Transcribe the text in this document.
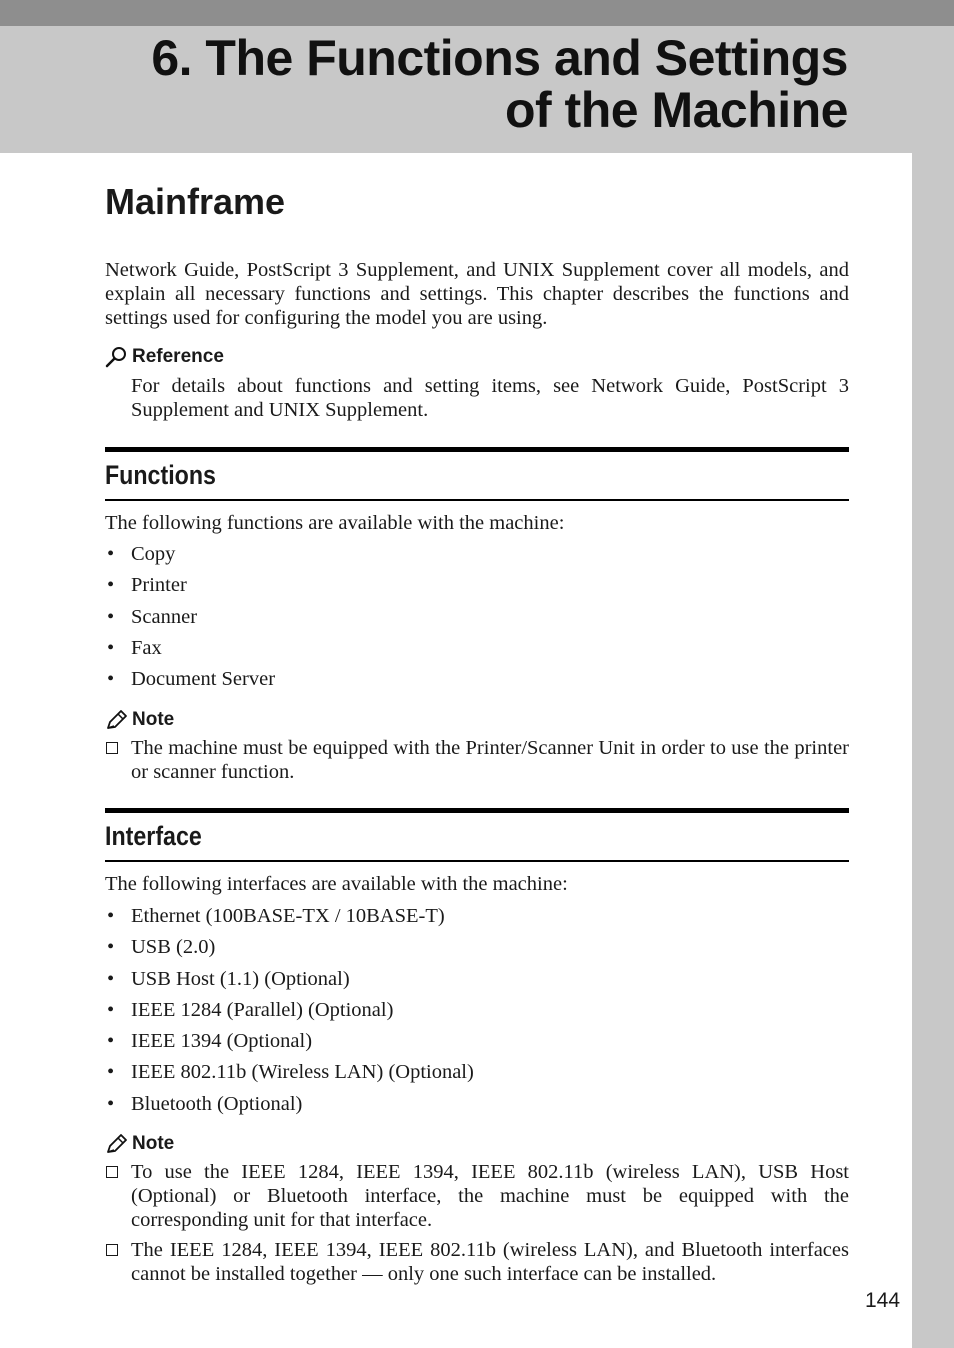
6. The Functions and Settings
of the Machine
Mainframe

Network Guide, PostScript 3 Supplement, and UNIX Supplement cover all models, and explain all necessary functions and settings. This chapter describes the functions and settings used for configuring the model you are using.

Reference

For details about functions and setting items, see Network Guide, PostScript 3 Supplement and UNIX Supplement.

Functions

The following functions are available with the machine:

• Copy
• Printer
• Scanner
• Fax
• Document Server
Note
The machine must be equipped with the Printer/Scanner Unit in order to use the printer or scanner function.
Interface

The following interfaces are available with the machine:

• Ethernet (100BASE-TX / 10BASE-T)
• USB (2.0)
• USB Host (1.1) (Optional)
• IEEE 1284 (Parallel) (Optional)
• IEEE 1394 (Optional)
• IEEE 802.11b (Wireless LAN) (Optional)
• Bluetooth (Optional)
Note
To use the IEEE 1284, IEEE 1394, IEEE 802.11b (wireless LAN), USB Host (Optional) or Bluetooth interface, the machine must be equipped with the corresponding unit for that interface.
The IEEE 1284, IEEE 1394, IEEE 802.11b (wireless LAN), and Bluetooth interfaces cannot be installed together — only one such interface can be installed.
144
